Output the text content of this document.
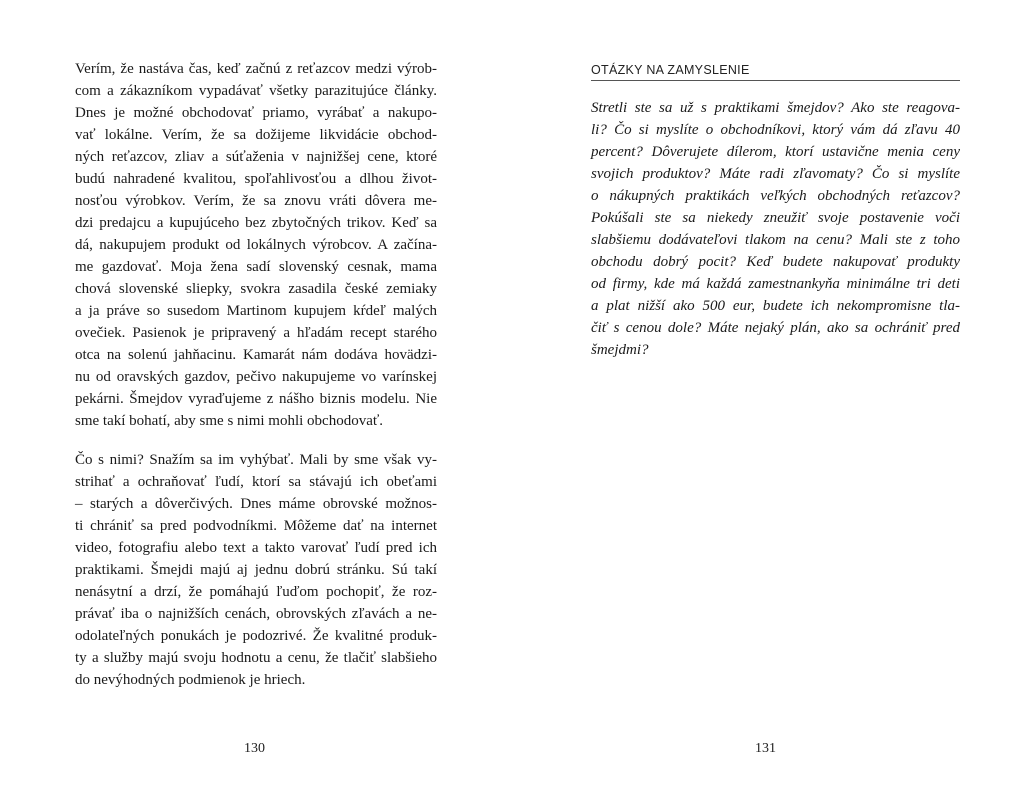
Verím, že nastáva čas, keď začnú z reťazcov medzi výrob-
com a zákazníkom vypadávať všetky parazitujúce články.
Dnes je možné obchodovať priamo, vyrábať a nakupo-
vať lokálne. Verím, že sa dožijeme likvidácie obchod-
ných reťazcov, zliav a súťaženia v najnižšej cene, ktoré
budú nahradené kvalitou, spoľahlivosťou a dlhou život-
nosťou výrobkov. Verím, že sa znovu vráti dôvera me-
dzi predajcu a kupujúceho bez zbytočných trikov. Keď sa
dá, nakupujem produkt od lokálnych výrobcov. A začína-
me gazdovať. Moja žena sadí slovenský cesnak, mama
chová slovenské sliepky, svokra zasadila české zemiaky
a ja práve so susedom Martinom kupujem kŕdeľ malých
ovečiek. Pasienok je pripravený a hľadám recept starého
otca na solenú jahňacinu. Kamarát nám dodáva hovädzi-
nu od oravských gazdov, pečivo nakupujeme vo varínskej
pekárni. Šmejdov vyraďujeme z nášho biznis modelu. Nie
sme takí bohatí, aby sme s nimi mohli obchodovať.
Čo s nimi? Snažím sa im vyhýbať. Mali by sme však vy-
strihať a ochraňovať ľudí, ktorí sa stávajú ich obeťami
– starých a dôverčivých. Dnes máme obrovské možnos-
ti chrániť sa pred podvodníkmi. Môžeme dať na internet
video, fotografiu alebo text a takto varovať ľudí pred ich
praktikami. Šmejdi majú aj jednu dobrú stránku. Sú takí
nenásytní a drzí, že pomáhajú ľuďom pochopiť, že roz-
právať iba o najnižších cenách, obrovských zľavách a ne-
odolateľných ponukách je podozrivé. Že kvalitné produk-
ty a služby majú svoju hodnotu a cenu, že tlačiť slabšieho
do nevýhodných podmienok je hriech.
130
OTÁZKY NA ZAMYSLENIE
Stretli ste sa už s praktikami šmejdov? Ako ste reagova-
li? Čo si myslíte o obchodníkovi, ktorý vám dá zľavu 40
percent? Dôverujete dílerom, ktorí ustavične menia ceny
svojich produktov? Máte radi zľavomaty? Čo si myslíte
o nákupných praktikách veľkých obchodných reťazcov?
Pokúšali ste sa niekedy zneužiť svoje postavenie voči
slabšiemu dodávateľovi tlakom na cenu? Mali ste z toho
obchodu dobrý pocit? Keď budete nakupovať produkty
od firmy, kde má každá zamestnankyňa minimálne tri deti
a plat nižší ako 500 eur, budete ich nekompromisne tla-
čiť s cenou dole? Máte nejaký plán, ako sa ochrániť pred
šmejdmi?
131
